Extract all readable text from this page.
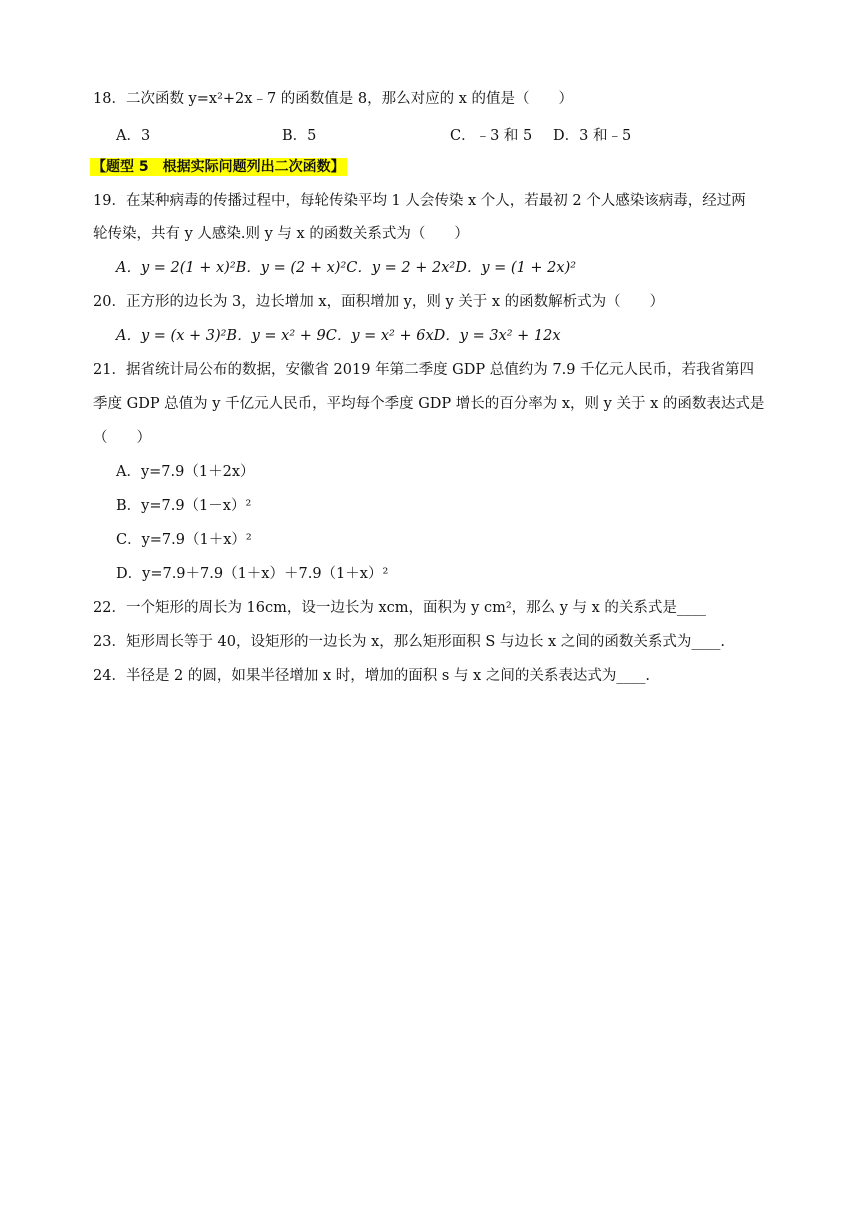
18．二次函数 y=x²+2x﹣7 的函数值是 8，那么对应的 x 的值是（　　）
A．3	B．5	C．﹣3 和 5 D．3 和﹣5
【题型 5　根据实际问题列出二次函数】
19．在某种病毒的传播过程中，每轮传染平均 1 人会传染 x 个人，若最初 2 个人感染该病毒，经过两
轮传染，共有 y 人感染.则 y 与 x 的函数关系式为（　　）
A．y = 2(1 + x)²B．y = (2 + x)²C．y = 2 + 2x²D．y = (1 + 2x)²
20．正方形的边长为 3，边长增加 x，面积增加 y，则 y 关于 x 的函数解析式为（　　）
A．y = (x + 3)²B．y = x² + 9C．y = x² + 6xD．y = 3x² + 12x
21．据省统计局公布的数据，安徽省 2019 年第二季度 GDP 总值约为 7.9 千亿元人民币，若我省第四
季度 GDP 总值为 y 千亿元人民币，平均每个季度 GDP 增长的百分率为 x，则 y 关于 x 的函数表达式是
（　　）
A．y=7.9（1＋2x）
B．y=7.9（1－x）²
C．y=7.9（1＋x）²
D．y=7.9＋7.9（1＋x）＋7.9（1＋x）²
22．一个矩形的周长为 16cm，设一边长为 xcm，面积为 y cm²，那么 y 与 x 的关系式是____
23．矩形周长等于 40，设矩形的一边长为 x，那么矩形面积 S 与边长 x 之间的函数关系式为____.
24．半径是 2 的圆，如果半径增加 x 时，增加的面积 s 与 x 之间的关系表达式为____.
